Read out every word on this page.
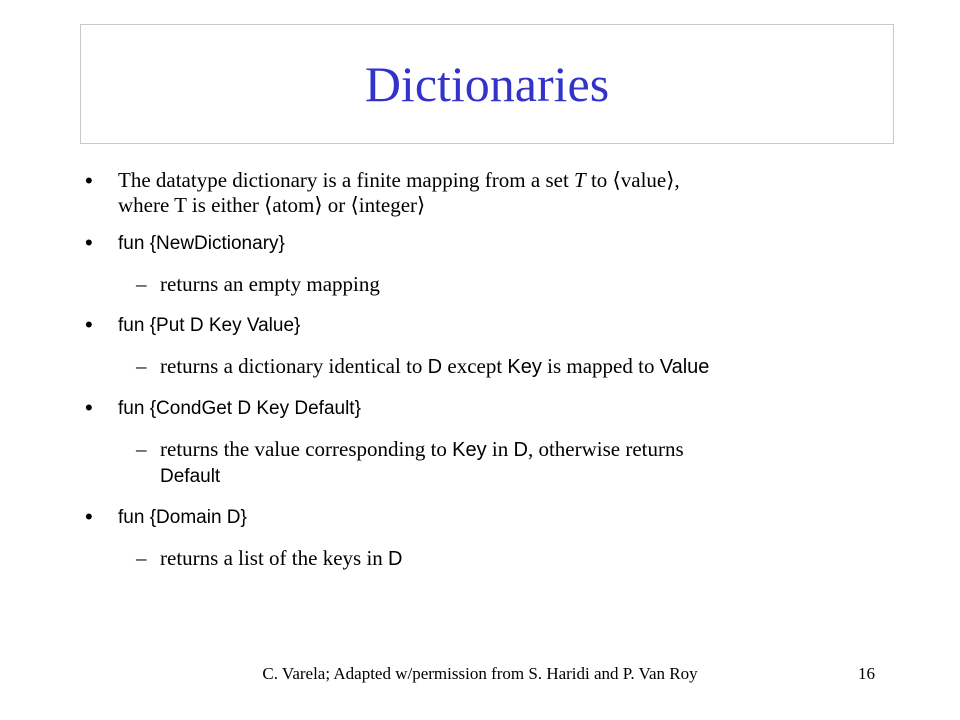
Dictionaries
• The datatype dictionary is a finite mapping from a set T to ⟨value⟩,
where T is either ⟨atom⟩ or ⟨integer⟩
• fun {NewDictionary}
– returns an empty mapping
• fun {Put D Key Value}
– returns a dictionary identical to D except Key is mapped to Value
• fun {CondGet D Key Default}
– returns the value corresponding to Key in D, otherwise returns
Default
• fun {Domain D}
– returns a list of the keys in D
C. Varela; Adapted w/permission from S. Haridi and P. Van Roy	16
